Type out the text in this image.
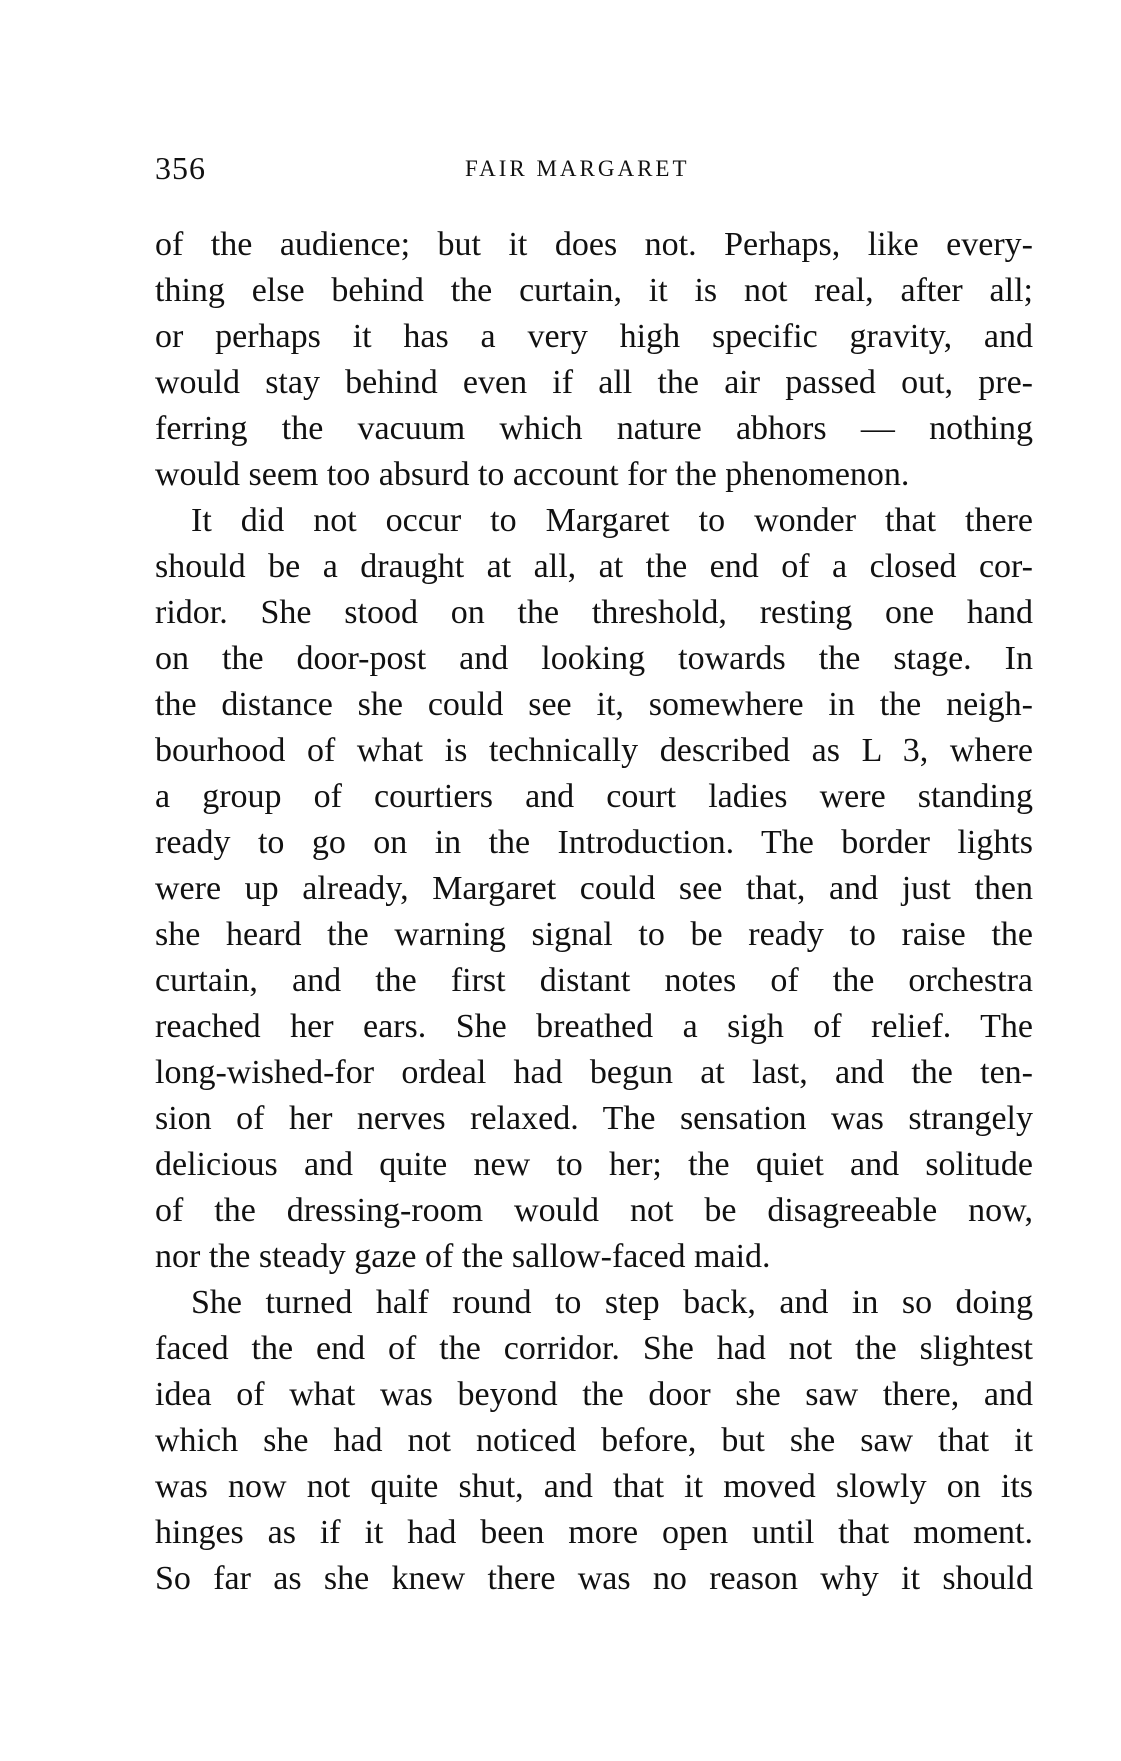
356	FAIR MARGARET
of the audience; but it does not. Perhaps, like every-
thing else behind the curtain, it is not real, after all;
or perhaps it has a very high specific gravity, and
would stay behind even if all the air passed out, pre-
ferring the vacuum which nature abhors — nothing
would seem too absurd to account for the phenomenon.
It did not occur to Margaret to wonder that there
should be a draught at all, at the end of a closed cor-
ridor. She stood on the threshold, resting one hand
on the door-post and looking towards the stage. In
the distance she could see it, somewhere in the neigh-
bourhood of what is technically described as L 3, where
a group of courtiers and court ladies were standing
ready to go on in the Introduction. The border lights
were up already, Margaret could see that, and just then
she heard the warning signal to be ready to raise the
curtain, and the first distant notes of the orchestra
reached her ears. She breathed a sigh of relief. The
long-wished-for ordeal had begun at last, and the ten-
sion of her nerves relaxed. The sensation was strangely
delicious and quite new to her; the quiet and solitude
of the dressing-room would not be disagreeable now,
nor the steady gaze of the sallow-faced maid.
She turned half round to step back, and in so doing
faced the end of the corridor. She had not the slightest
idea of what was beyond the door she saw there, and
which she had not noticed before, but she saw that it
was now not quite shut, and that it moved slowly on its
hinges as if it had been more open until that moment.
So far as she knew there was no reason why it should
